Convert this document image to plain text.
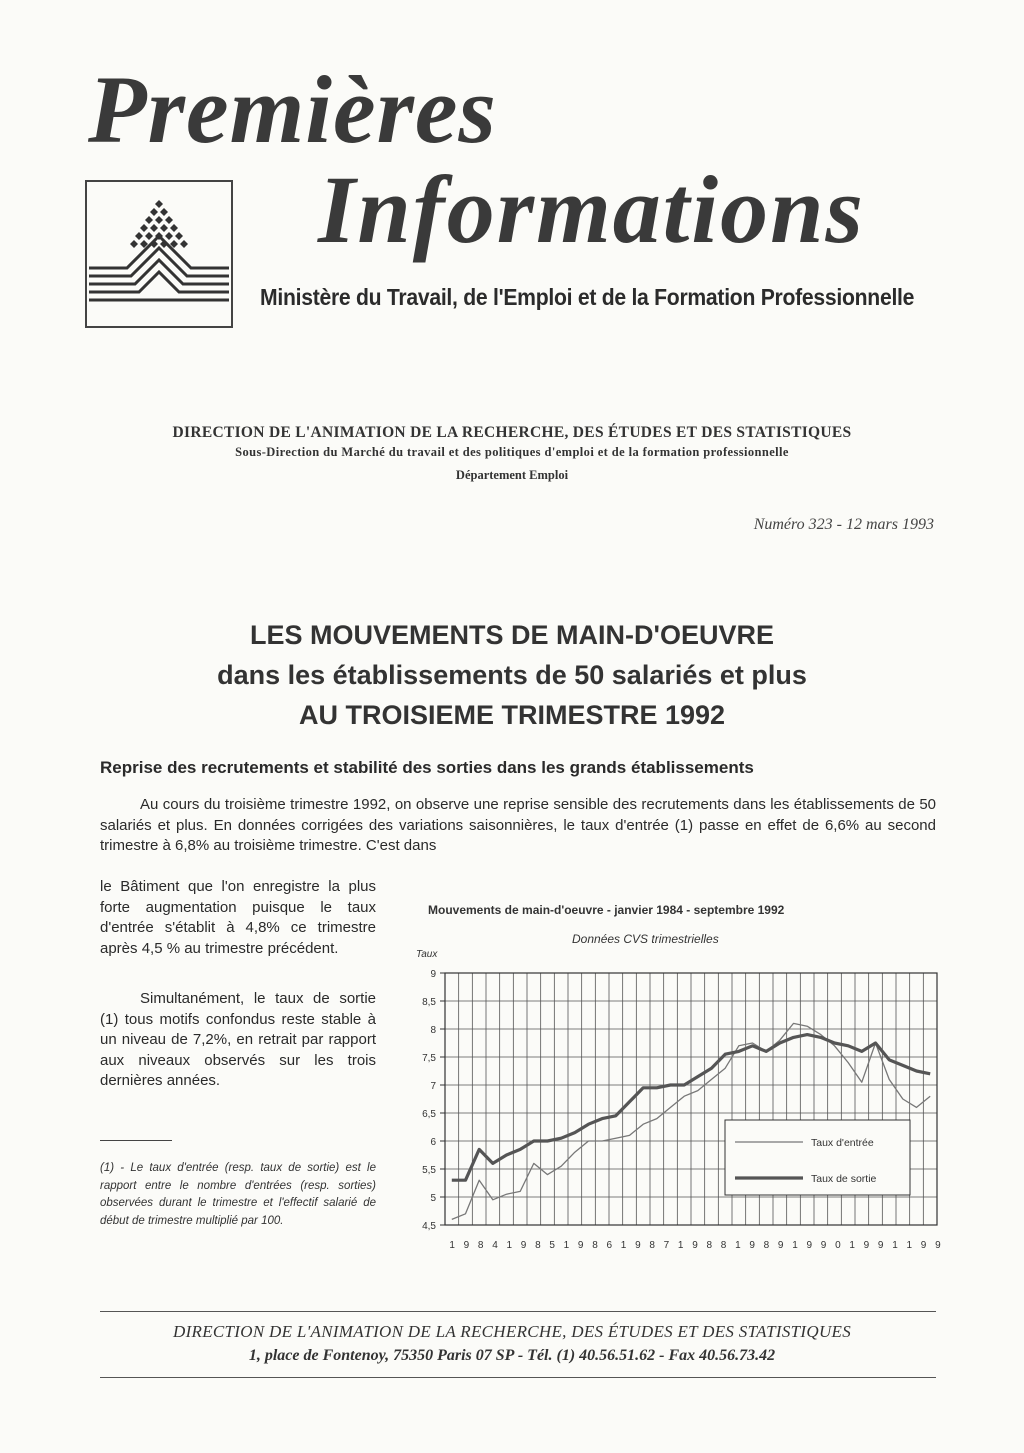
Premières
Informations
Ministère du Travail, de l'Emploi et de la Formation Professionnelle
DIRECTION DE L'ANIMATION DE LA RECHERCHE, DES ÉTUDES ET DES STATISTIQUES
Sous-Direction du Marché du travail et des politiques d'emploi et de la formation professionnelle
Département Emploi
Numéro 323 - 12 mars 1993
LES MOUVEMENTS DE MAIN-D'OEUVRE
dans les établissements de 50 salariés et plus
AU TROISIEME TRIMESTRE 1992
Reprise des recrutements et stabilité des sorties dans les grands établissements

Au cours du troisième trimestre 1992, on observe une reprise sensible des recrutements dans les établissements de 50 salariés et plus. En données corrigées des variations saisonnières, le taux d'entrée (1) passe en effet de 6,6% au second trimestre à 6,8% au troisième trimestre. C'est dans

le Bâtiment que l'on enregistre la plus forte augmentation puisque le taux d'entrée s'établit à 4,8% ce trimestre après 4,5 % au trimestre précédent.

Simultanément, le taux de sortie (1) tous motifs confondus reste stable à un niveau de 7,2%, en retrait par rapport aux niveaux observés sur les trois dernières années.

(1) - Le taux d'entrée (resp. taux de sortie) est le rapport entre le nombre d'entrées (resp. sorties) observées durant le trimestre et l'effectif salarié de début de trimestre multiplié par 100.

Mouvements de main-d'oeuvre - janvier 1984 - septembre 1992
Données CVS trimestrielles
4,5
5
5,5
6
6,5
7
7,5
8
8,5
9
Taux
1 9 8 4 1 9 8 5 1 9 8 6 1 9 8 7 1 9 8 8 1 9 8 9 1 9 9 0 1 9 9 1 1 9 9
Taux d'entrée
Taux de sortie
DIRECTION DE L'ANIMATION DE LA RECHERCHE, DES ÉTUDES ET DES STATISTIQUES
1, place de Fontenoy, 75350 Paris 07 SP - Tél. (1) 40.56.51.62 - Fax 40.56.73.42
